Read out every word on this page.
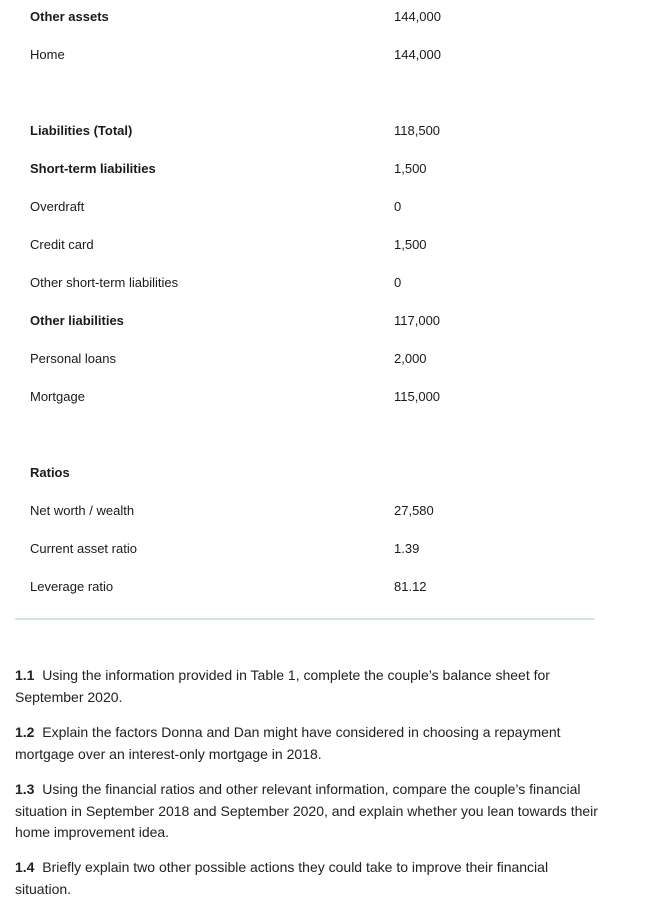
Other assets	144,000
Home	144,000
Liabilities (Total)	118,500
Short-term liabilities	1,500
Overdraft	0
Credit card	1,500
Other short-term liabilities	0
Other liabilities	117,000
Personal loans	2,000
Mortgage	115,000
Ratios
Net worth / wealth	27,580
Current asset ratio	1.39
Leverage ratio	81.12
1.1 Using the information provided in Table 1, complete the couple’s balance sheet for September 2020.
1.2 Explain the factors Donna and Dan might have considered in choosing a repayment mortgage over an interest-only mortgage in 2018.
1.3 Using the financial ratios and other relevant information, compare the couple’s financial situation in September 2018 and September 2020, and explain whether you lean towards their home improvement idea.
1.4 Briefly explain two other possible actions they could take to improve their financial situation.
